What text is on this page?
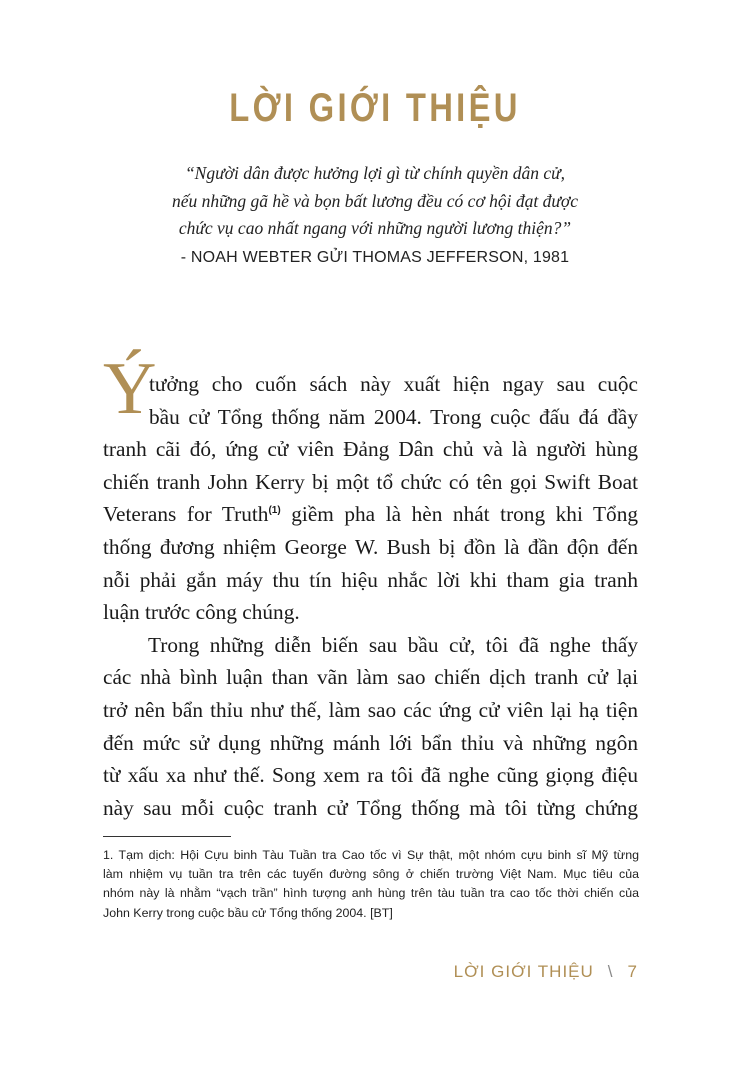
LỜI GIỚI THIỆU

“Người dân được hưởng lợi gì từ chính quyền dân cử,

nếu những gã hề và bọn bất lương đều có cơ hội đạt được

chức vụ cao nhất ngang với những người lương thiện?”

- NOAH WEBTER GỬI THOMAS JEFFERSON, 1981

Ý
tưởng cho cuốn sách này xuất hiện ngay sau cuộc
bầu cử Tổng thống năm 2004. Trong cuộc đấu đá đầy
tranh cãi đó, ứng cử viên Đảng Dân chủ và là người hùng
chiến tranh John Kerry bị một tổ chức có tên gọi Swift Boat
Veterans for Truth$^{(1)}$ giềm pha là hèn nhát trong khi Tổng
thống đương nhiệm George W. Bush bị đồn là đần độn đến
nỗi phải gắn máy thu tín hiệu nhắc lời khi tham gia tranh
luận trước công chúng.
Trong những diễn biến sau bầu cử, tôi đã nghe thấy
các nhà bình luận than vãn làm sao chiến dịch tranh cử lại
trở nên bẩn thỉu như thế, làm sao các ứng cử viên lại hạ tiện
đến mức sử dụng những mánh lới bẩn thỉu và những ngôn
từ xấu xa như thế. Song xem ra tôi đã nghe cũng giọng điệu
này sau mỗi cuộc tranh cử Tổng thống mà tôi từng chứng
1. Tạm dịch: Hội Cựu binh Tàu Tuần tra Cao tốc vì Sự thật, một nhóm cựu binh sĩ Mỹ từng
làm nhiệm vụ tuần tra trên các tuyến đường sông ở chiến trường Việt Nam. Mục tiêu của
nhóm này là nhằm “vạch trần” hình tượng anh hùng trên tàu tuần tra cao tốc thời chiến của
John Kerry trong cuộc bầu cử Tổng thống 2004. [BT]
LỜI GIỚI THIỆU \ 7
